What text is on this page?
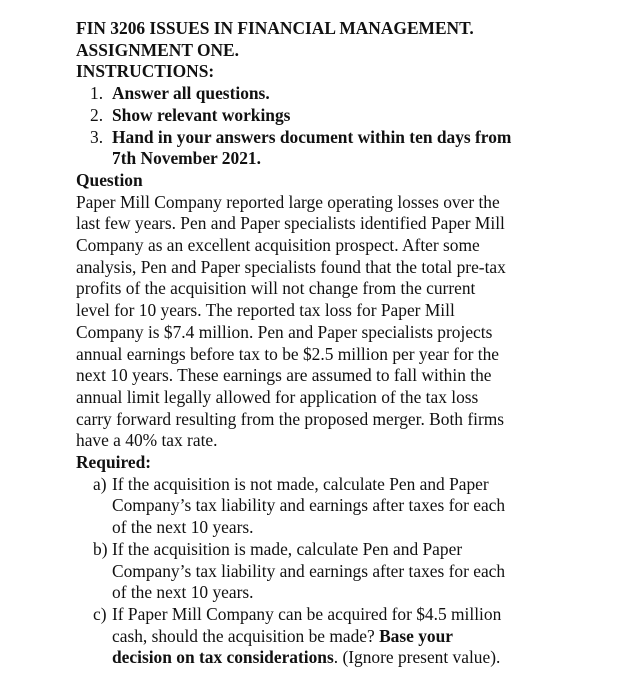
FIN 3206 ISSUES IN FINANCIAL MANAGEMENT.
ASSIGNMENT ONE.
INSTRUCTIONS:
1. Answer all questions.
2. Show relevant workings
3. Hand in your answers document within ten days from
7th November 2021.
Question
Paper Mill Company reported large operating losses over the
last few years. Pen and Paper specialists identified Paper Mill
Company as an excellent acquisition prospect. After some
analysis, Pen and Paper specialists found that the total pre-tax
profits of the acquisition will not change from the current
level for 10 years. The reported tax loss for Paper Mill
Company is $7.4 million. Pen and Paper specialists projects
annual earnings before tax to be $2.5 million per year for the
next 10 years. These earnings are assumed to fall within the
annual limit legally allowed for application of the tax loss
carry forward resulting from the proposed merger. Both firms
have a 40% tax rate.
Required:
a) If the acquisition is not made, calculate Pen and Paper
Company’s tax liability and earnings after taxes for each
of the next 10 years.
b) If the acquisition is made, calculate Pen and Paper
Company’s tax liability and earnings after taxes for each
of the next 10 years.
c) If Paper Mill Company can be acquired for $4.5 million
cash, should the acquisition be made? Base your
decision on tax considerations. (Ignore present value).
